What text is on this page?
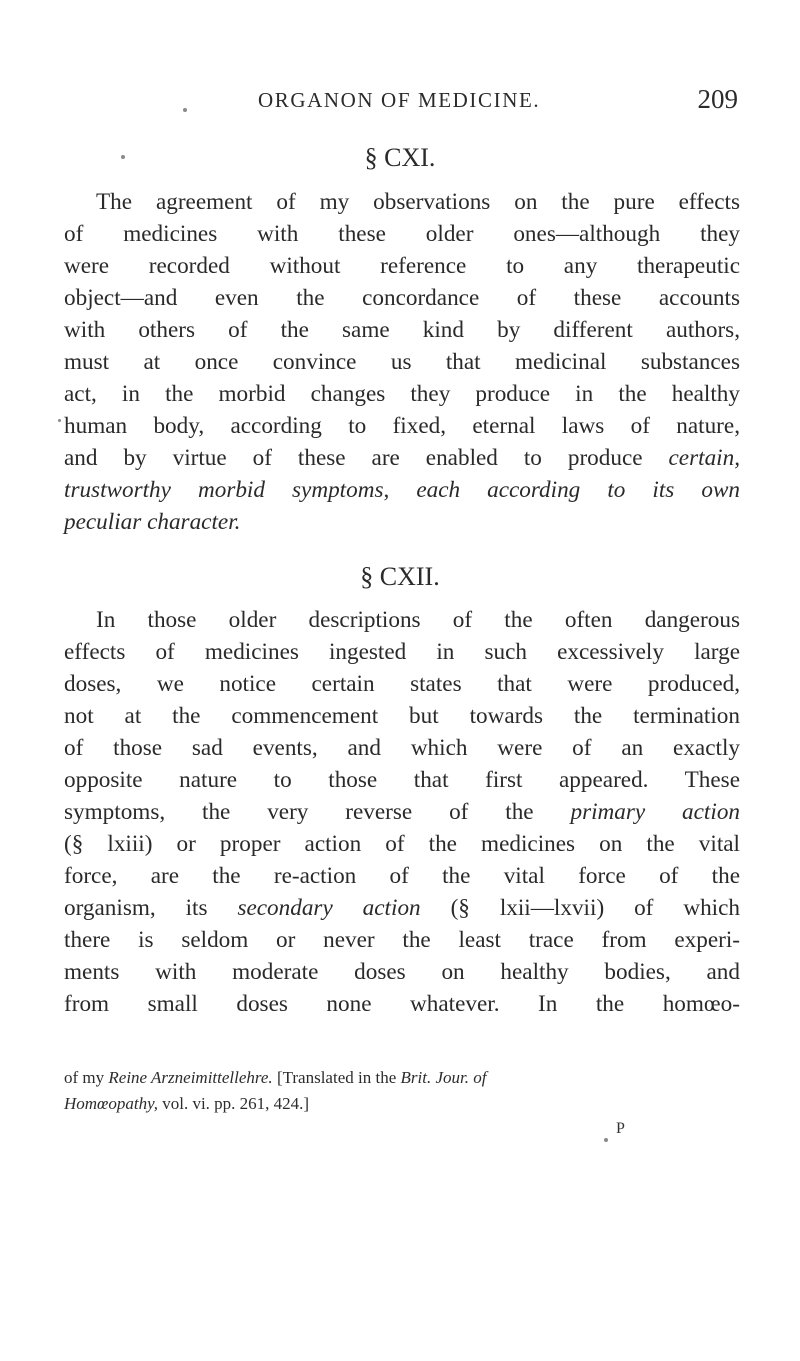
ORGANON OF MEDICINE.	209
§ CXI.
The agreement of my observations on the pure effects
of medicines with these older ones—although they
were recorded without reference to any therapeutic
object—and even the concordance of these accounts
with others of the same kind by different authors,
must at once convince us that medicinal substances
act, in the morbid changes they produce in the healthy
human body, according to fixed, eternal laws of nature,
and by virtue of these are enabled to produce certain,
trustworthy morbid symptoms, each according to its own
peculiar character.
§ CXII.
In those older descriptions of the often dangerous
effects of medicines ingested in such excessively large
doses, we notice certain states that were produced,
not at the commencement but towards the termination
of those sad events, and which were of an exactly
opposite nature to those that first appeared. These
symptoms, the very reverse of the primary action
(§ lxiii) or proper action of the medicines on the vital
force, are the re-action of the vital force of the
organism, its secondary action (§ lxii—lxvii) of which
there is seldom or never the least trace from experi-
ments with moderate doses on healthy bodies, and
from small doses none whatever. In the homœo-
of my Reine Arzneimittellehre. [Translated in the Brit. Jour. of
Homœopathy, vol. vi. pp. 261, 424.]
P
